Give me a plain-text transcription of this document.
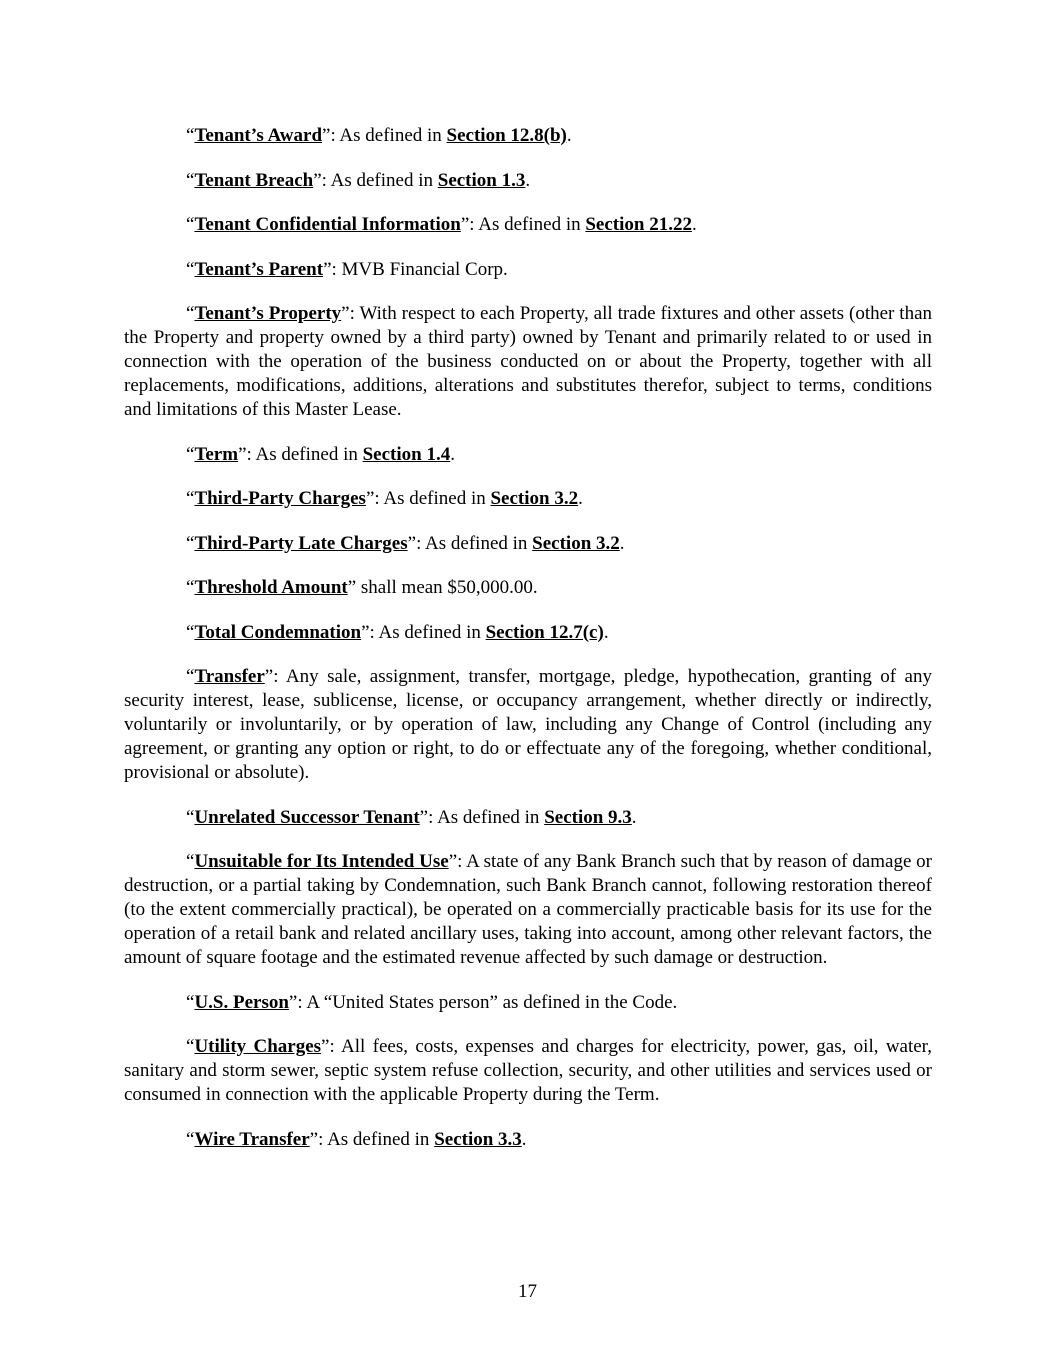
“Tenant’s Award”: As defined in Section 12.8(b).

“Tenant Breach”: As defined in Section 1.3.

“Tenant Confidential Information”: As defined in Section 21.22.

“Tenant’s Parent”: MVB Financial Corp.

“Tenant’s Property”: With respect to each Property, all trade fixtures and other assets (other than the Property and property owned by a third party) owned by Tenant and primarily related to or used in connection with the operation of the business conducted on or about the Property, together with all replacements, modifications, additions, alterations and substitutes therefor, subject to terms, conditions and limitations of this Master Lease.

“Term”: As defined in Section 1.4.

“Third-Party Charges”: As defined in Section 3.2.

“Third-Party Late Charges”: As defined in Section 3.2.

“Threshold Amount” shall mean $50,000.00.

“Total Condemnation”: As defined in Section 12.7(c).

“Transfer”: Any sale, assignment, transfer, mortgage, pledge, hypothecation, granting of any security interest, lease, sublicense, license, or occupancy arrangement, whether directly or indirectly, voluntarily or involuntarily, or by operation of law, including any Change of Control (including any agreement, or granting any option or right, to do or effectuate any of the foregoing, whether conditional, provisional or absolute).

“Unrelated Successor Tenant”: As defined in Section 9.3.

“Unsuitable for Its Intended Use”: A state of any Bank Branch such that by reason of damage or destruction, or a partial taking by Condemnation, such Bank Branch cannot, following restoration thereof (to the extent commercially practical), be operated on a commercially practicable basis for its use for the operation of a retail bank and related ancillary uses, taking into account, among other relevant factors, the amount of square footage and the estimated revenue affected by such damage or destruction.

“U.S. Person”: A “United States person” as defined in the Code.

“Utility Charges”: All fees, costs, expenses and charges for electricity, power, gas, oil, water, sanitary and storm sewer, septic system refuse collection, security, and other utilities and services used or consumed in connection with the applicable Property during the Term.

“Wire Transfer”: As defined in Section 3.3.

17
